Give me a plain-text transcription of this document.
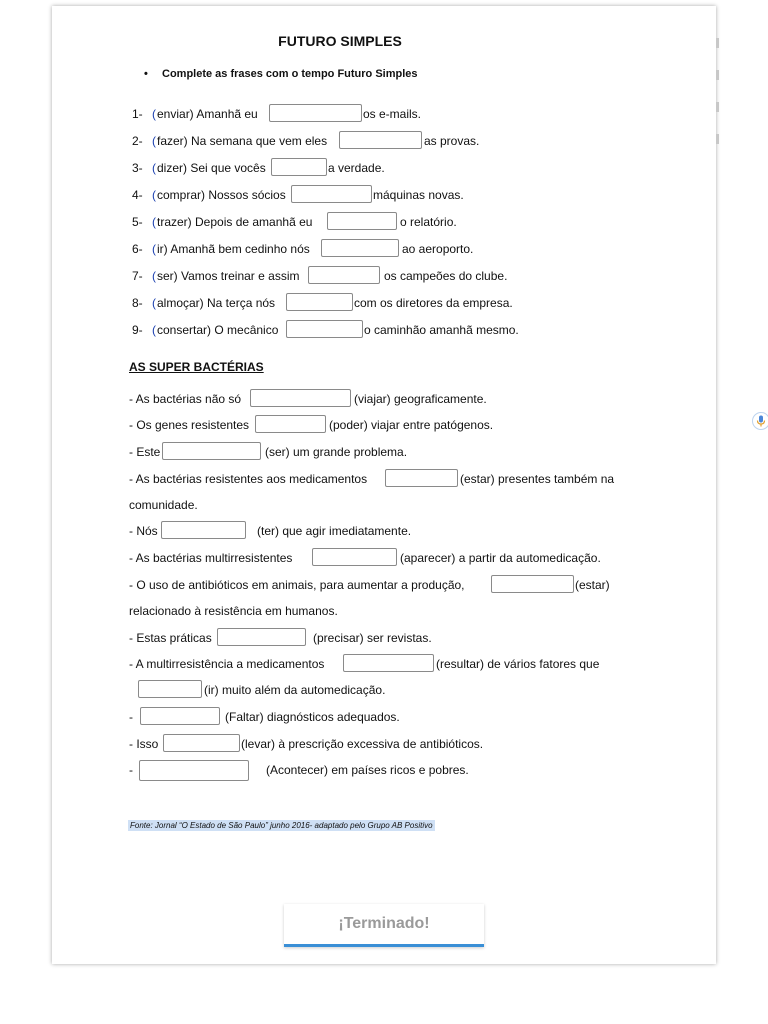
FUTURO SIMPLES
• Complete as frases com o tempo Futuro Simples
1- ( enviar) Amanhã eu	os e-mails.
2- ( fazer) Na semana que vem eles	as provas.
3- ( dizer) Sei que vocês	a verdade.
4- ( comprar) Nossos sócios	máquinas novas.
5- ( trazer) Depois de amanhã eu	o relatório.
6- ( ir) Amanhã bem cedinho nós	ao aeroporto.
7- ( ser) Vamos treinar e assim	os campeões do clube.
8- ( almoçar) Na terça nós	com os diretores da empresa.
9- ( consertar) O mecânico	o caminhão amanhã mesmo.
AS SUPER BACTÉRIAS
- As bactérias não só	(viajar) geograficamente.
- Os genes resistentes	(poder) viajar entre patógenos.
- Este	(ser) um grande problema.
- As bactérias resistentes aos medicamentos	(estar) presentes também na
comunidade.
- Nós	(ter) que agir imediatamente.
- As bactérias multirresistentes	(aparecer) a partir da automedicação.
- O uso de antibióticos em animais, para aumentar a produção,	(estar)
relacionado à resistência em humanos.
- Estas práticas	(precisar) ser revistas.
- A multirresistência a medicamentos	(resultar) de vários fatores que
(ir) muito além da automedicação.
-	(Faltar) diagnósticos adequados.
- Isso	(levar) à prescrição excessiva de antibióticos.
-	(Acontecer) em países ricos e pobres.
Fonte: Jornal “O Estado de São Paulo” junho 2016- adaptado pelo Grupo AB Positivo
¡Terminado!
